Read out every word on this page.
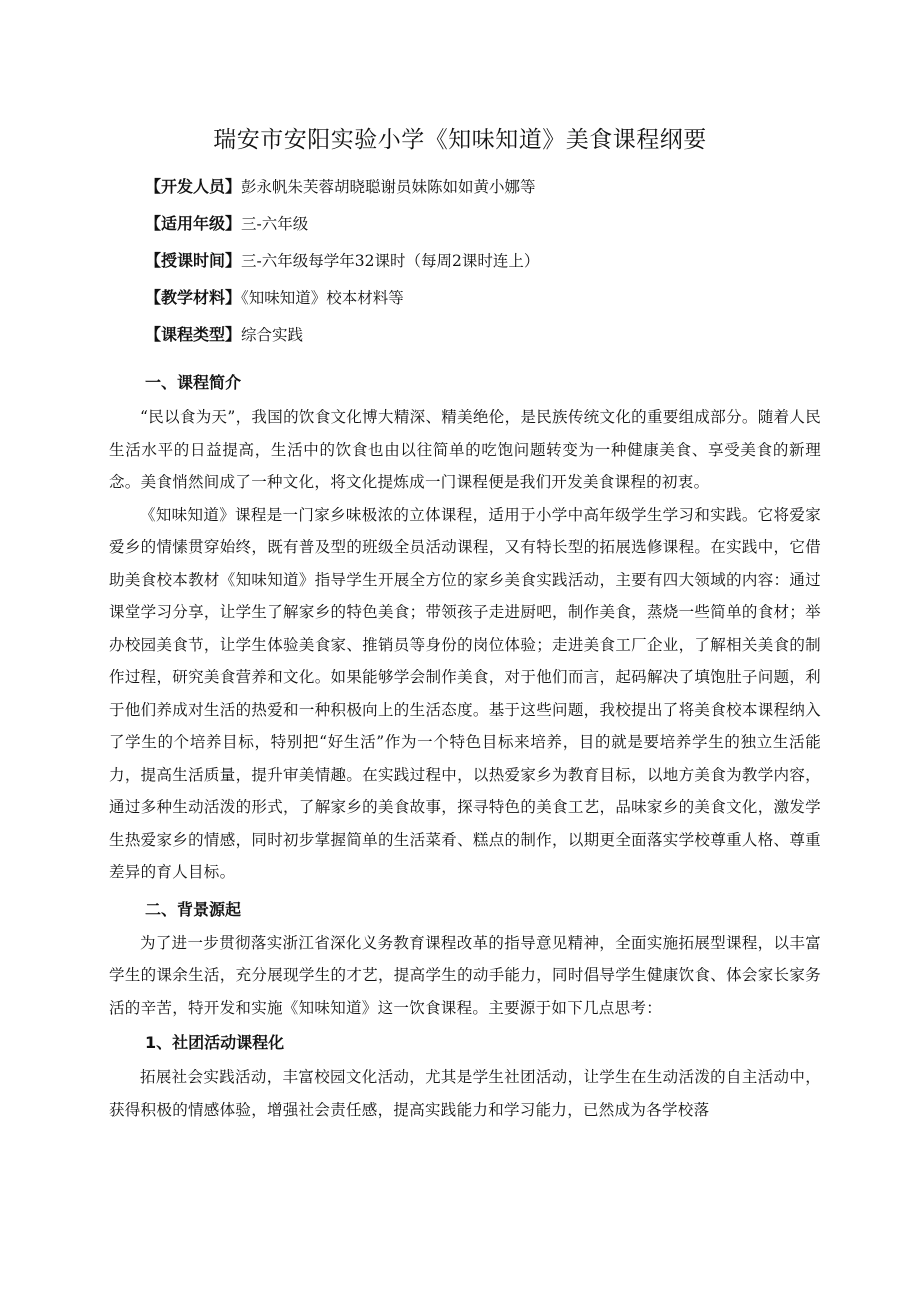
瑞安市安阳实验小学《知味知道》美食课程纲要
【开发人员】彭永帆朱芙蓉胡晓聪谢员妹陈如如黄小娜等
【适用年级】三-六年级
【授课时间】三-六年级每学年32课时（每周2课时连上）
【教学材料】《知味知道》校本材料等
【课程类型】综合实践
一、课程简介

“民以食为天”，我国的饮食文化博大精深、精美绝伦，是民族传统文化的重要组成部分。随着人民生活水平的日益提高，生活中的饮食也由以往简单的吃饱问题转变为一种健康美食、享受美食的新理念。美食悄然间成了一种文化，将文化提炼成一门课程便是我们开发美食课程的初衷。

《知味知道》课程是一门家乡味极浓的立体课程，适用于小学中高年级学生学习和实践。它将爱家爱乡的情愫贯穿始终，既有普及型的班级全员活动课程，又有特长型的拓展选修课程。在实践中，它借助美食校本教材《知味知道》指导学生开展全方位的家乡美食实践活动，主要有四大领域的内容：通过课堂学习分享，让学生了解家乡的特色美食；带领孩子走进厨吧，制作美食，蒸烧一些简单的食材；举办校园美食节，让学生体验美食家、推销员等身份的岗位体验；走进美食工厂企业，了解相关美食的制作过程，研究美食营养和文化。如果能够学会制作美食，对于他们而言，起码解决了填饱肚子问题，利于他们养成对生活的热爱和一种积极向上的生活态度。基于这些问题，我校提出了将美食校本课程纳入了学生的个培养目标，特别把“好生活”作为一个特色目标来培养，目的就是要培养学生的独立生活能力，提高生活质量，提升审美情趣。在实践过程中，以热爱家乡为教育目标，以地方美食为教学内容，通过多种生动活泼的形式，了解家乡的美食故事，探寻特色的美食工艺，品味家乡的美食文化，激发学生热爱家乡的情感，同时初步掌握简单的生活菜肴、糕点的制作，以期更全面落实学校尊重人格、尊重差异的育人目标。

二、背景源起

为了进一步贯彻落实浙江省深化义务教育课程改革的指导意见精神，全面实施拓展型课程，以丰富学生的课余生活，充分展现学生的才艺，提高学生的动手能力，同时倡导学生健康饮食、体会家长家务活的辛苦，特开发和实施《知味知道》这一饮食课程。主要源于如下几点思考：

1、社团活动课程化

拓展社会实践活动，丰富校园文化活动，尤其是学生社团活动，让学生在生动活泼的自主活动中，获得积极的情感体验，增强社会责任感，提高实践能力和学习能力，已然成为各学校落
